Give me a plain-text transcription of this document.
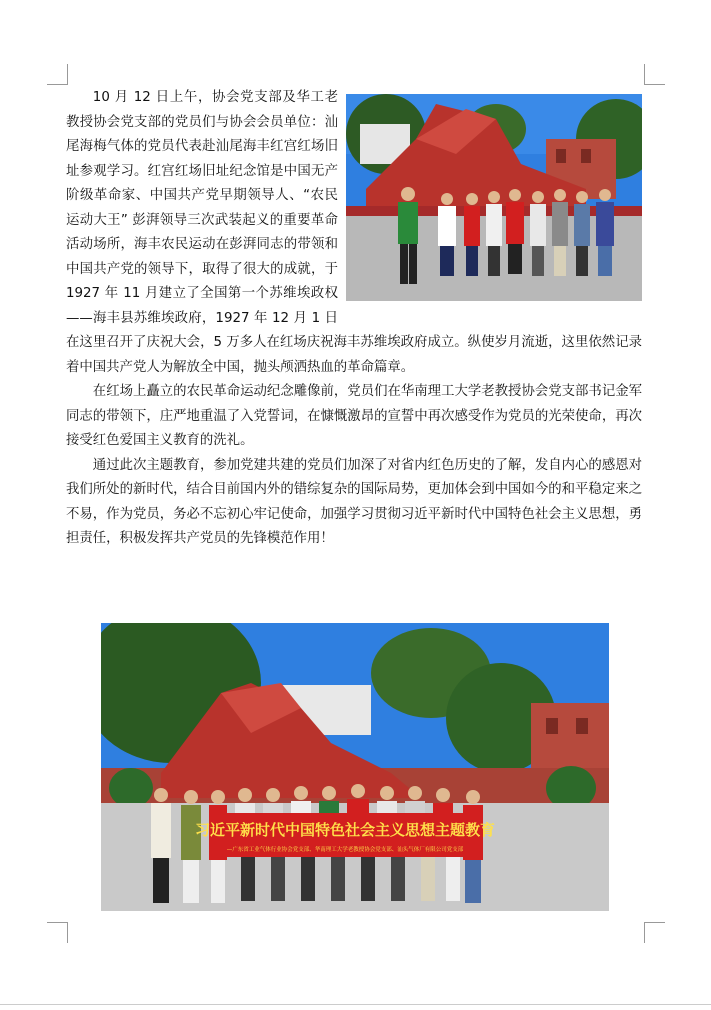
10 月 12 日上午，协会党支部及华工老教授协会党支部的党员们与协会会员单位：汕尾海梅气体的党员代表赴汕尾海丰红宫红场旧址参观学习。红宫红场旧址纪念馆是中国无产阶级革命家、中国共产党早期领导人、“农民运动大王” 彭湃领导三次武装起义的重要革命活动场所，海丰农民运动在彭湃同志的带领和中国共产党的领导下，取得了很大的成就，于 1927 年 11 月建立了全国第一个苏维埃政权——海丰县苏维埃政府，1927 年 12 月 1 日在这里召开了庆祝大会，5 万多人在红场庆祝海丰苏维埃政府成立。纵使岁月流逝，这里依然记录着中国共产党人为解放全中国，抛头颅洒热血的革命篇章。

在红场上矗立的农民革命运动纪念雕像前，党员们在华南理工大学老教授协会党支部书记金军同志的带领下，庄严地重温了入党誓词，在慷慨激昂的宣誓中再次感受作为党员的光荣使命，再次接受红色爱国主义教育的洗礼。

通过此次主题教育，参加党建共建的党员们加深了对省内红色历史的了解，发自内心的感恩对我们所处的新时代，结合目前国内外的错综复杂的国际局势，更加体会到中国如今的和平稳定来之不易，作为党员，务必不忘初心牢记使命，加强学习贯彻习近平新时代中国特色社会主义思想，勇担责任，积极发挥共产党员的先锋模范作用！

习近平新时代中国特色社会主义思想主题教育
—广东省工业气体行业协会党支部、华南理工大学老教授协会党支部、汕头气体厂有限公司党支部
